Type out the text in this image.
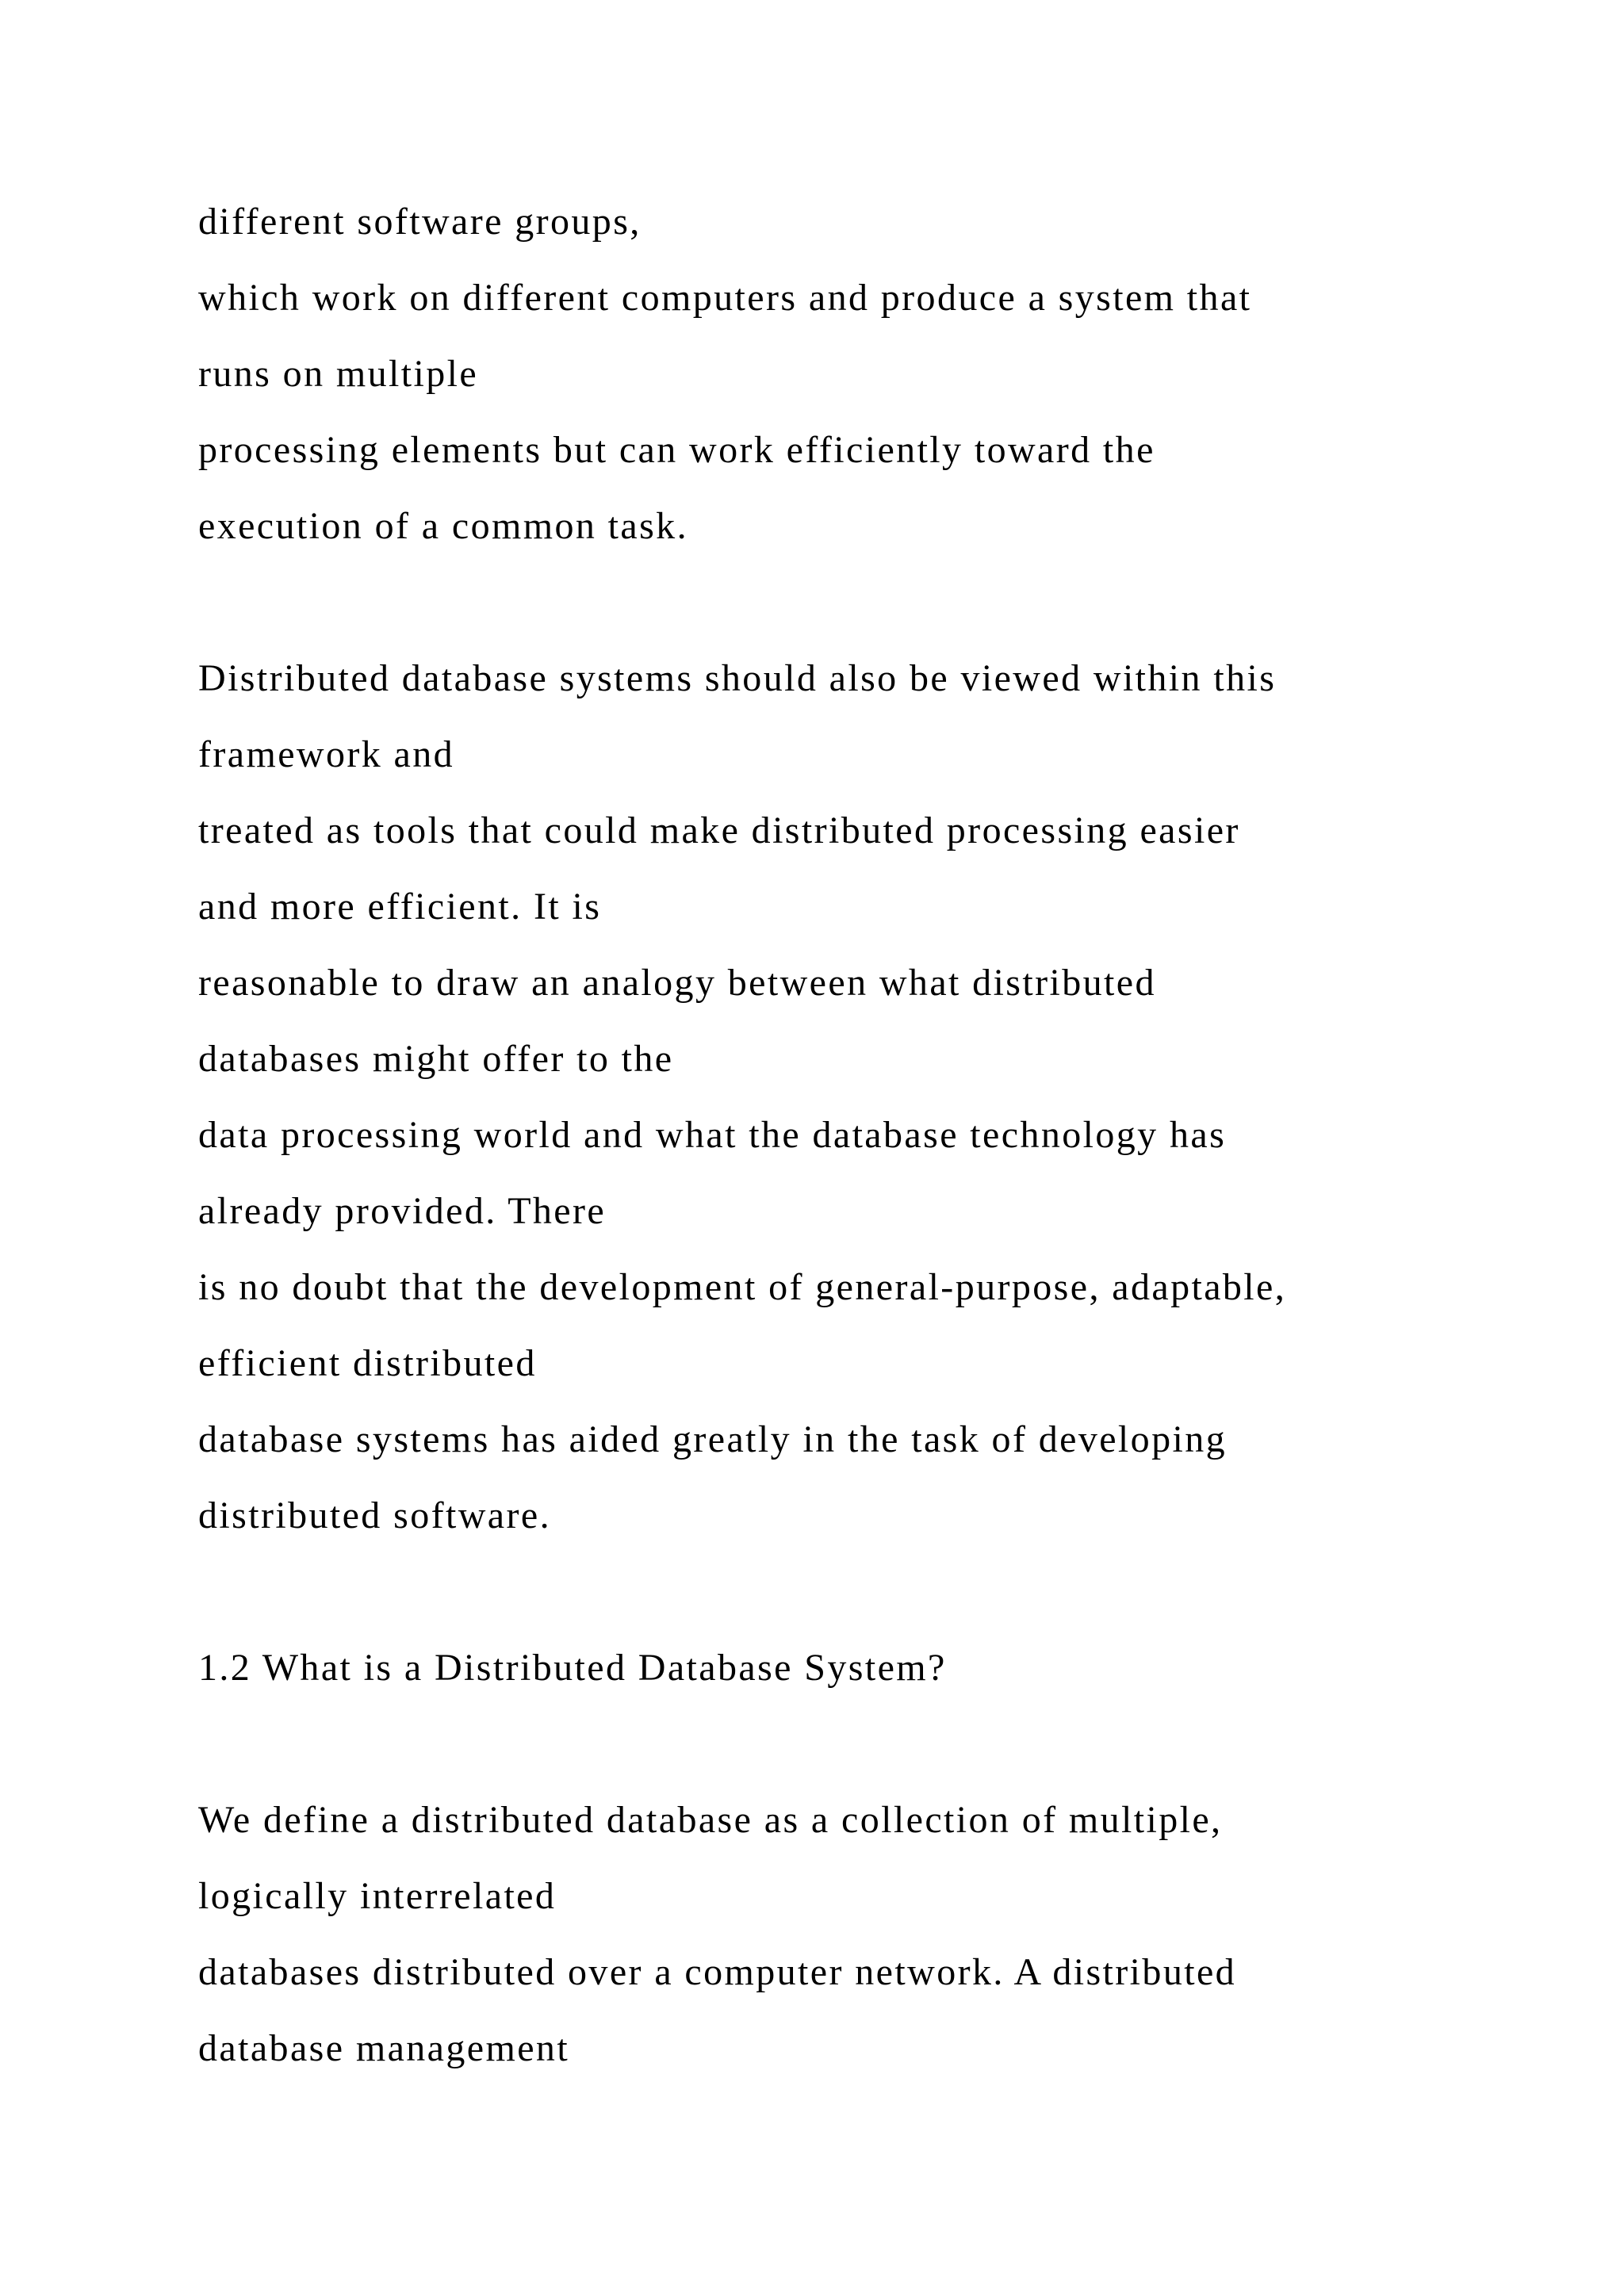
different software groups,
which work on different computers and produce a system that
runs on multiple
processing elements but can work efficiently toward the
execution of a common task.
Distributed database systems should also be viewed within this
framework and
treated as tools that could make distributed processing easier
and more efficient. It is
reasonable to draw an analogy between what distributed
databases might offer to the
data processing world and what the database technology has
already provided. There
is no doubt that the development of general-purpose, adaptable,
efficient distributed
database systems has aided greatly in the task of developing
distributed software.
1.2 What is a Distributed Database System?
We define a distributed database as a collection of multiple,
logically interrelated
databases distributed over a computer network. A distributed
database management
